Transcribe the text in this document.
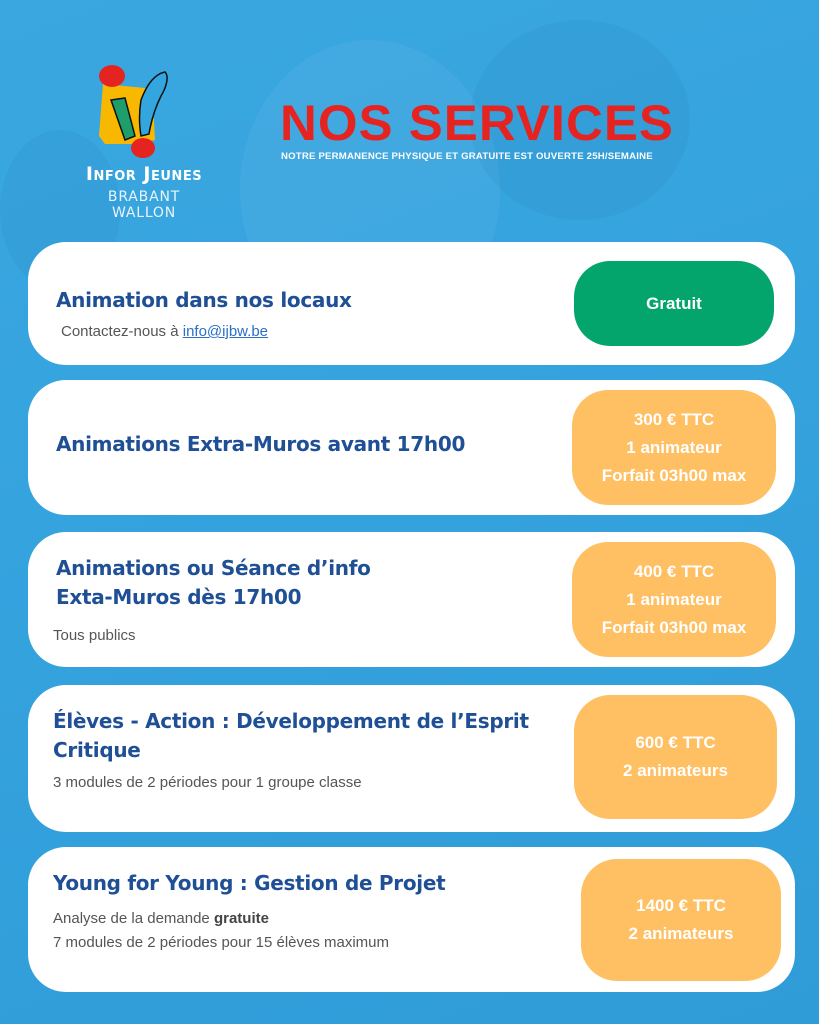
Infor Jeunes
BRABANT WALLON
NOS SERVICES
NOTRE PERMANENCE PHYSIQUE ET GRATUITE EST OUVERTE 25H/SEMAINE
Animation dans nos locaux
Contactez-nous à info@ijbw.be
Gratuit
Animations Extra-Muros avant 17h00
300 € TTC
1 animateur
Forfait 03h00 max
Animations ou Séance d’info
Exta-Muros dès 17h00
Tous publics
400 € TTC
1 animateur
Forfait 03h00 max
Élèves - Action : Développement de l’Esprit
Critique
3 modules de 2 périodes pour 1 groupe classe
600 € TTC
2 animateurs
Young for Young : Gestion de Projet
Analyse de la demande gratuite
7 modules de 2 périodes pour 15 élèves maximum
1400 € TTC
2 animateurs
